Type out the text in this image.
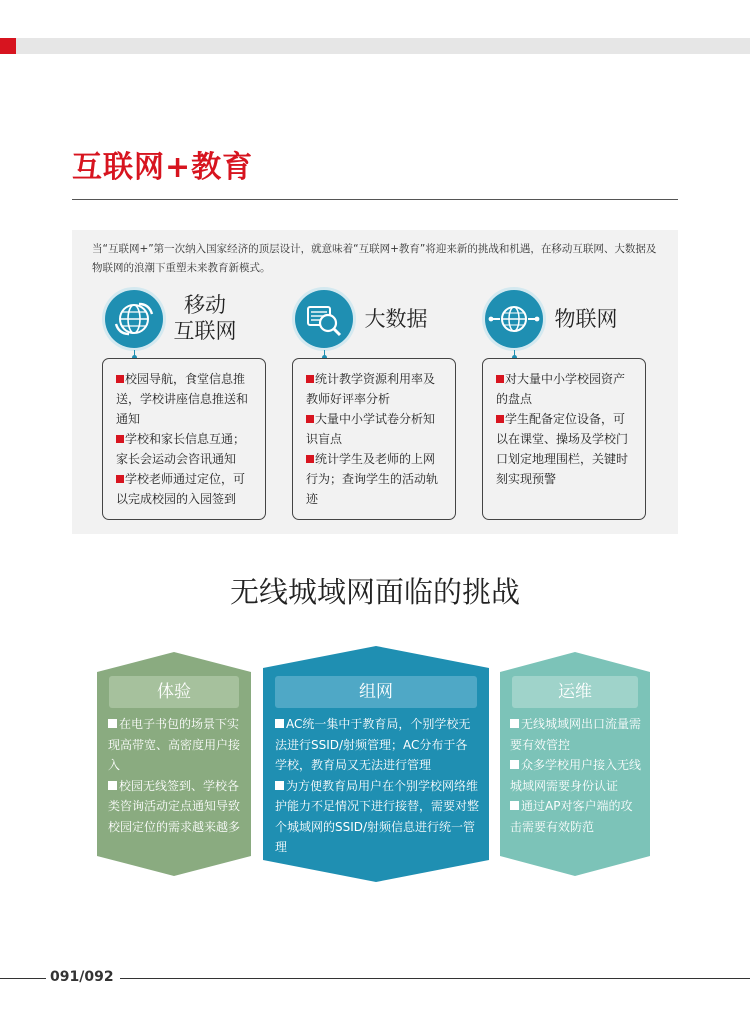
互联网+教育
当“互联网+”第一次纳入国家经济的顶层设计，就意味着“互联网+教育”将迎来新的挑战和机遇，在移动互联网、大数据及物联网的浪潮下重塑未来教育新模式。
移动
互联网

校园导航，食堂信息推送，学校讲座信息推送和通知

学校和家长信息互通；家长会运动会咨讯通知

学校老师通过定位，可以完成校园的入园签到

大数据

统计教学资源利用率及教师好评率分析

大量中小学试卷分析知识盲点

统计学生及老师的上网行为；查询学生的活动轨迹

物联网

对大量中小学校园资产的盘点

学生配备定位设备，可以在课堂、操场及学校门口划定地理围栏，关键时刻实现预警

无线城域网面临的挑战
体验

在电子书包的场景下实现高带宽、高密度用户接入

校园无线签到、学校各类咨询活动定点通知导致校园定位的需求越来越多

组网

AC统一集中于教育局，个别学校无法进行SSID/射频管理；AC分布于各学校，教育局又无法进行管理

为方便教育局用户在个别学校网络维护能力不足情况下进行接替，需要对整个城域网的SSID/射频信息进行统一管理

运维

无线城域网出口流量需要有效管控

众多学校用户接入无线城域网需要身份认证

通过AP对客户端的攻击需要有效防范

091/092
